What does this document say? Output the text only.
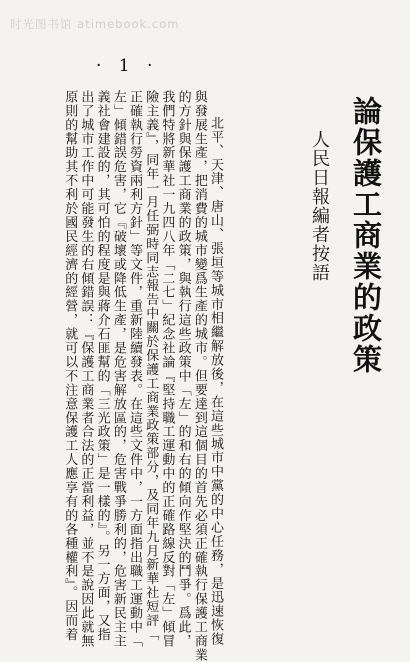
时光图书馆 atimebook.com
論保護工商業的政策
人民日報編者按語
北平、天津、唐山、張垣等城市相繼解放後，在這些城市中黨的中心任務，是迅速恢復
與發展生產，把消費的城市變爲生產的城市。但要達到這個目的首先必須正確執行保護工商業
的方針與保護工商業的政策，與執行這些政策中「左」的和右的傾向作堅決的鬥爭。爲此，
我們特將新華社一九四八年「二七」紀念社論『堅持職工運動中的正確路線反對「左」傾冒
險主義』，同年一月任弼時同志報告中關於保護工商業政策部分，及同年九月新華社短評「
正確執行勞資兩利方針」等文件，重新陸續發表。在這些文件中，一方面指出職工運動中「
左」傾錯誤危害，它『破壞或降低生產，是危害解放區的，危害戰爭勝利的，危害新民主主
義社會建設的，其可怕的程度是與蔣介石匪幫的「三光政策」是一樣的』。另一方面，又指
出了城市工作中可能發生的右傾錯誤：『保護工商業者合法的正當利益，並不是說因此就無
原則的幫助其不利於國民經濟的經營，就可以不注意保護工人應享有的各種權利』。因而着
· 1 ·
